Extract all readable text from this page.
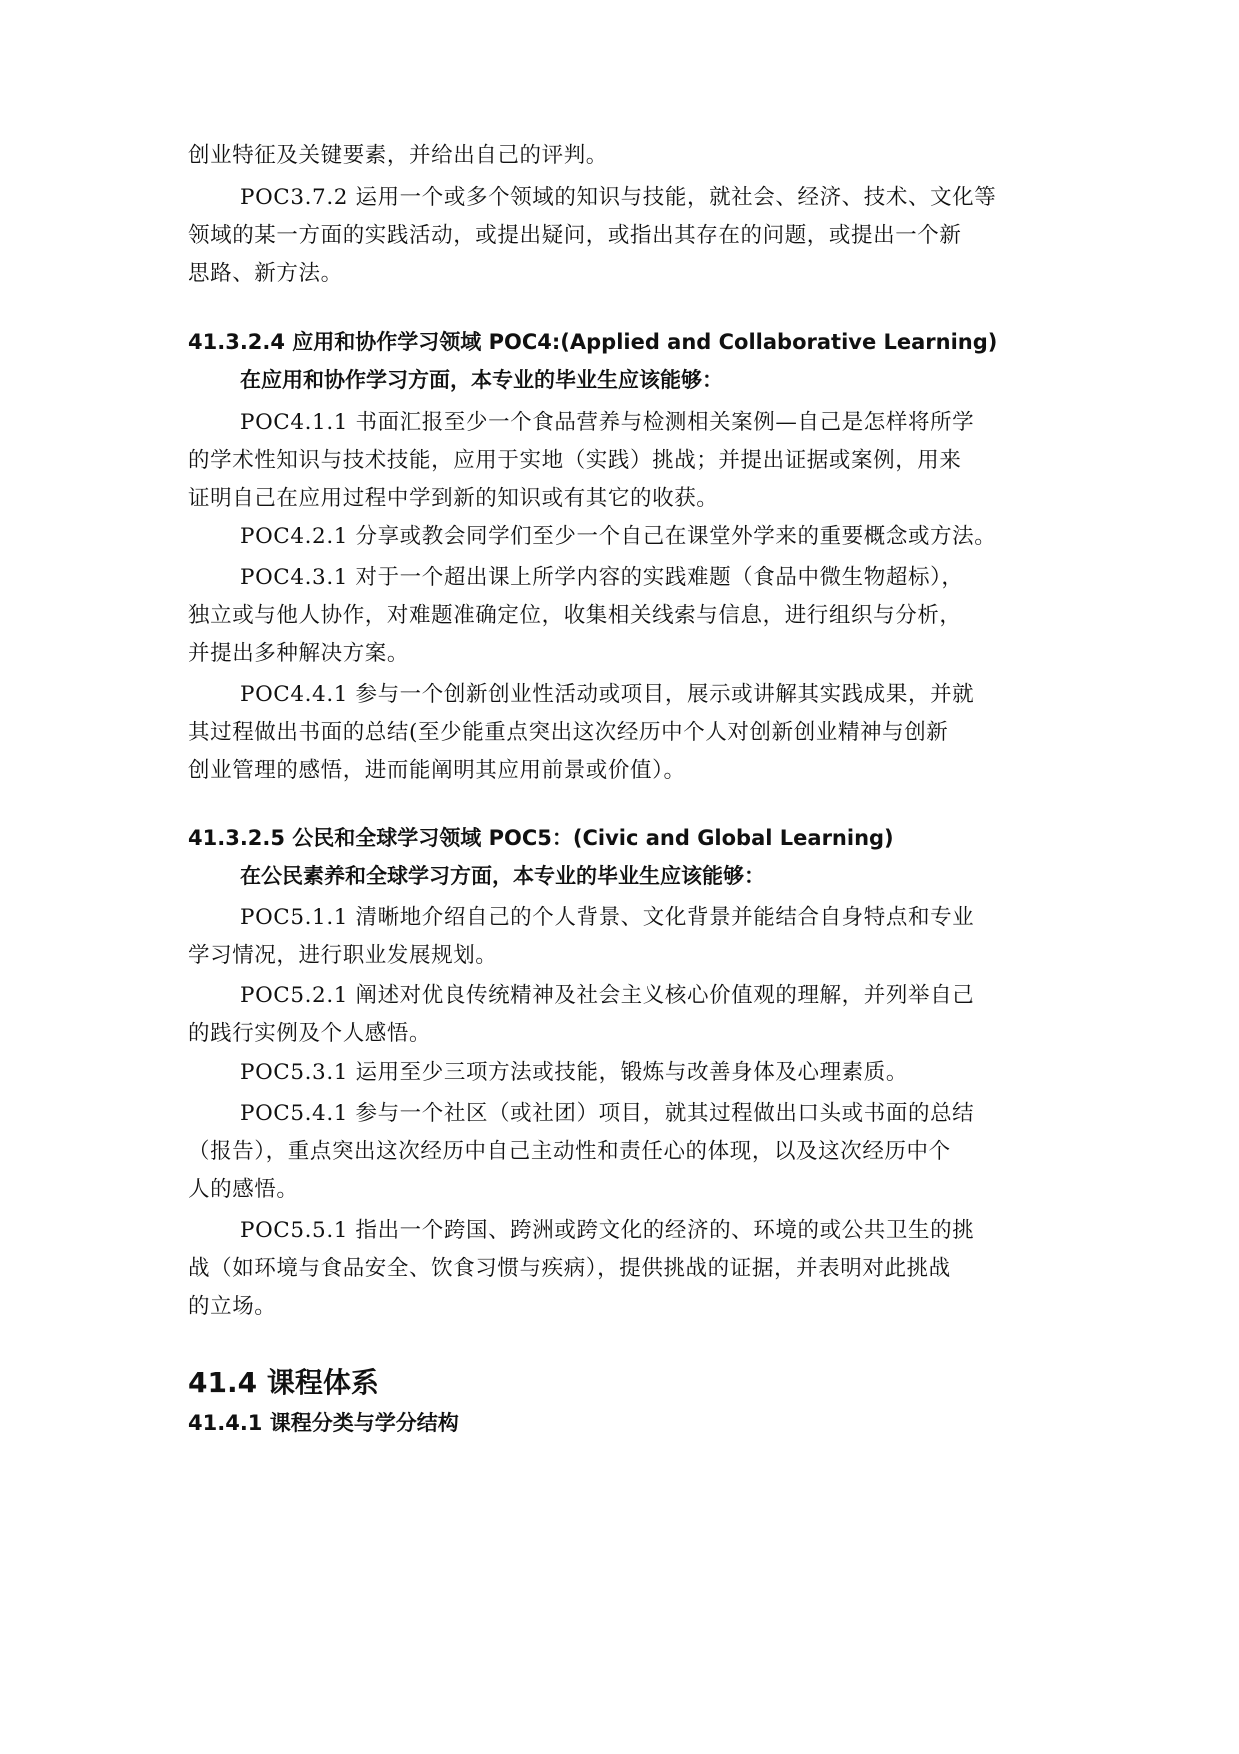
创业特征及关键要素，并给出自己的评判。
POC3.7.2 运用一个或多个领域的知识与技能，就社会、经济、技术、文化等
领域的某一方面的实践活动，或提出疑问，或指出其存在的问题，或提出一个新
思路、新方法。
41.3.2.4 应用和协作学习领域 POC4:(Applied and Collaborative Learning)
在应用和协作学习方面，本专业的毕业生应该能够：
POC4.1.1 书面汇报至少一个食品营养与检测相关案例—自己是怎样将所学
的学术性知识与技术技能，应用于实地（实践）挑战；并提出证据或案例，用来
证明自己在应用过程中学到新的知识或有其它的收获。
POC4.2.1 分享或教会同学们至少一个自己在课堂外学来的重要概念或方法。
POC4.3.1 对于一个超出课上所学内容的实践难题（食品中微生物超标），
独立或与他人协作，对难题准确定位，收集相关线索与信息，进行组织与分析，
并提出多种解决方案。
POC4.4.1 参与一个创新创业性活动或项目，展示或讲解其实践成果，并就
其过程做出书面的总结(至少能重点突出这次经历中个人对创新创业精神与创新
创业管理的感悟，进而能阐明其应用前景或价值）。
41.3.2.5 公民和全球学习领域 POC5：(Civic and Global Learning)
在公民素养和全球学习方面，本专业的毕业生应该能够：
POC5.1.1 清晰地介绍自己的个人背景、文化背景并能结合自身特点和专业
学习情况，进行职业发展规划。
POC5.2.1 阐述对优良传统精神及社会主义核心价值观的理解，并列举自己
的践行实例及个人感悟。
POC5.3.1 运用至少三项方法或技能，锻炼与改善身体及心理素质。
POC5.4.1 参与一个社区（或社团）项目，就其过程做出口头或书面的总结
（报告），重点突出这次经历中自己主动性和责任心的体现，以及这次经历中个
人的感悟。
POC5.5.1 指出一个跨国、跨洲或跨文化的经济的、环境的或公共卫生的挑
战（如环境与食品安全、饮食习惯与疾病），提供挑战的证据，并表明对此挑战
的立场。
41.4 课程体系
41.4.1 课程分类与学分结构
